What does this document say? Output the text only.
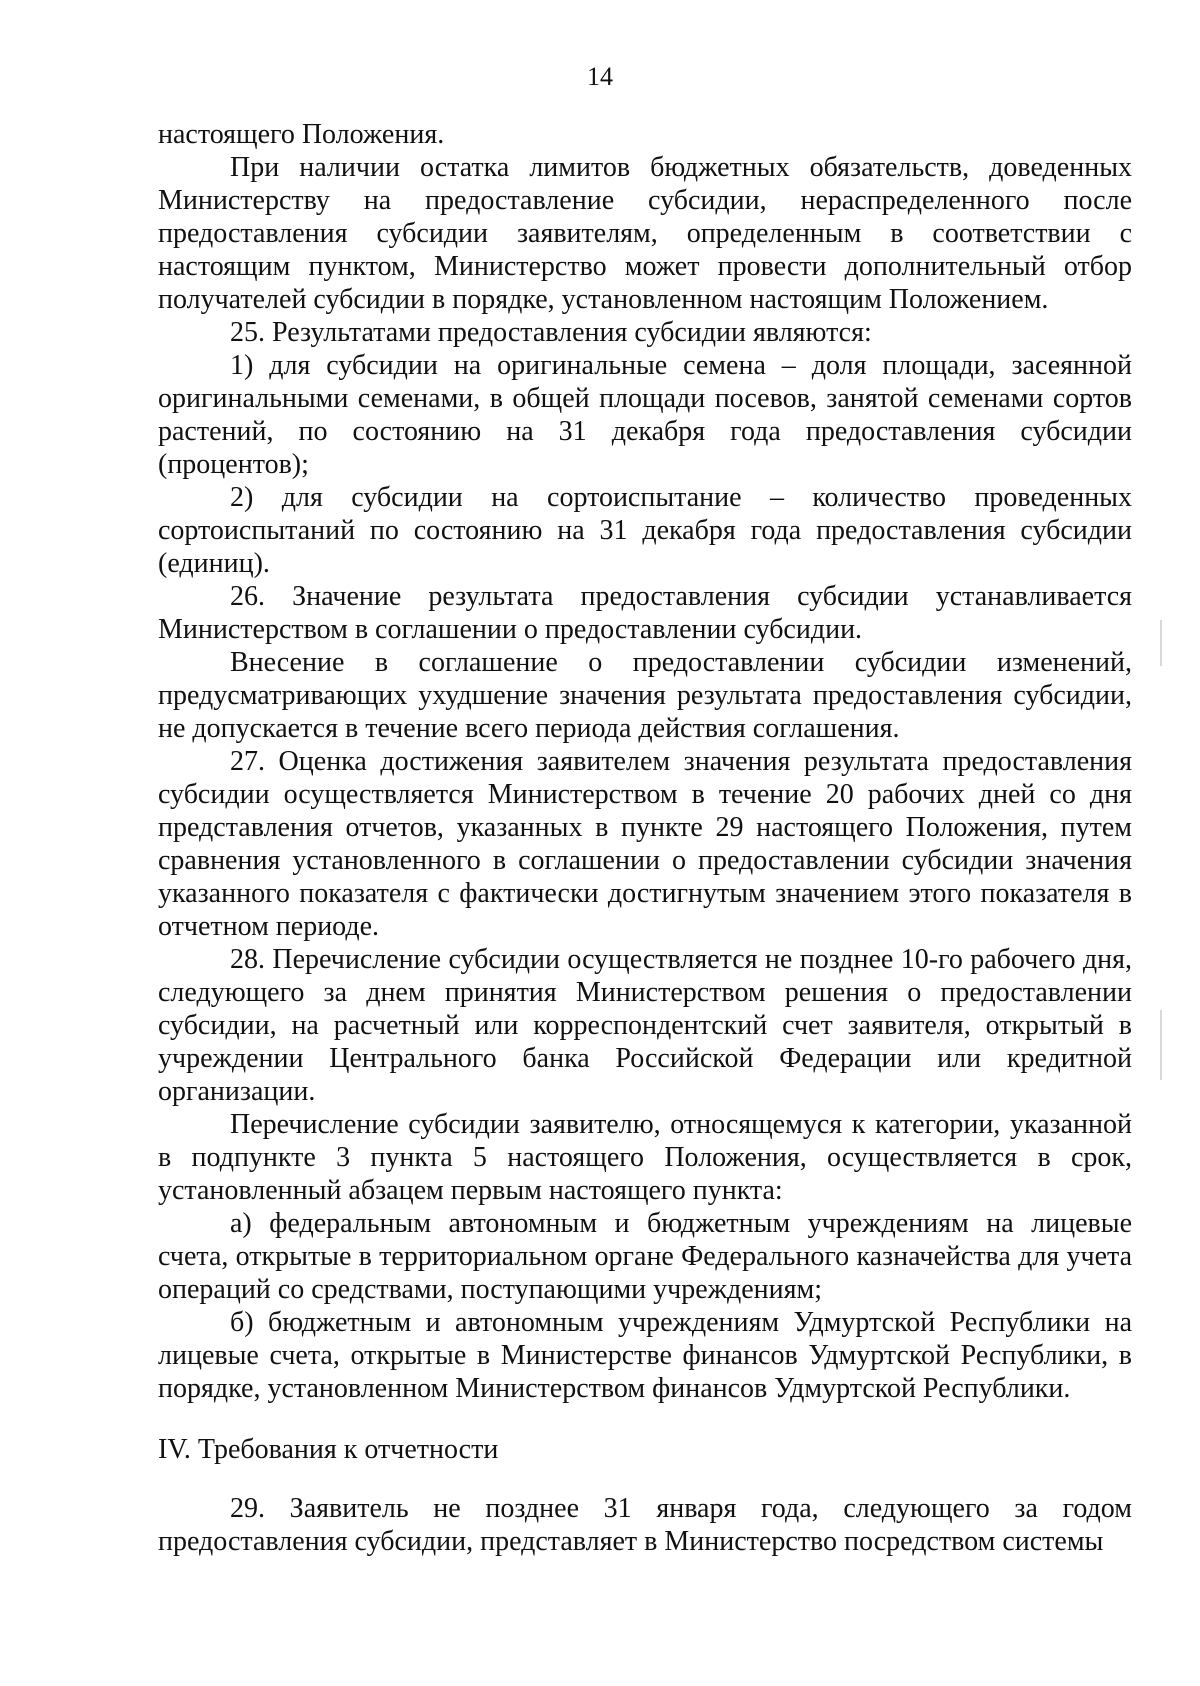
14

настоящего Положения.

При наличии остатка лимитов бюджетных обязательств, доведенных Министерству на предоставление субсидии, нераспределенного после предоставления субсидии заявителям, определенным в соответствии с настоящим пунктом, Министерство может провести дополнительный отбор получателей субсидии в порядке, установленном настоящим Положением.

25. Результатами предоставления субсидии являются:

1) для субсидии на оригинальные семена – доля площади, засеянной оригинальными семенами, в общей площади посевов, занятой семенами сортов растений, по состоянию на 31 декабря года предоставления субсидии (процентов);

2) для субсидии на сортоиспытание – количество проведенных сортоиспытаний по состоянию на 31 декабря года предоставления субсидии (единиц).

26. Значение результата предоставления субсидии устанавливается Министерством в соглашении о предоставлении субсидии.

Внесение в соглашение о предоставлении субсидии изменений, предусматривающих ухудшение значения результата предоставления субсидии, не допускается в течение всего периода действия соглашения.

27. Оценка достижения заявителем значения результата предоставления субсидии осуществляется Министерством в течение 20 рабочих дней со дня представления отчетов, указанных в пункте 29 настоящего Положения, путем сравнения установленного в соглашении о предоставлении субсидии значения указанного показателя с фактически достигнутым значением этого показателя в отчетном периоде.

28. Перечисление субсидии осуществляется не позднее 10-го рабочего дня, следующего за днем принятия Министерством решения о предоставлении субсидии, на расчетный или корреспондентский счет заявителя, открытый в учреждении Центрального банка Российской Федерации или кредитной организации.

Перечисление субсидии заявителю, относящемуся к категории, указанной в подпункте 3 пункта 5 настоящего Положения, осуществляется в срок, установленный абзацем первым настоящего пункта:

а) федеральным автономным и бюджетным учреждениям на лицевые счета, открытые в территориальном органе Федерального казначейства для учета операций со средствами, поступающими учреждениям;

б) бюджетным и автономным учреждениям Удмуртской Республики на лицевые счета, открытые в Министерстве финансов Удмуртской Республики, в порядке, установленном Министерством финансов Удмуртской Республики.

IV. Требования к отчетности

29. Заявитель не позднее 31 января года, следующего за годом предоставления субсидии, представляет в Министерство посредством системы
